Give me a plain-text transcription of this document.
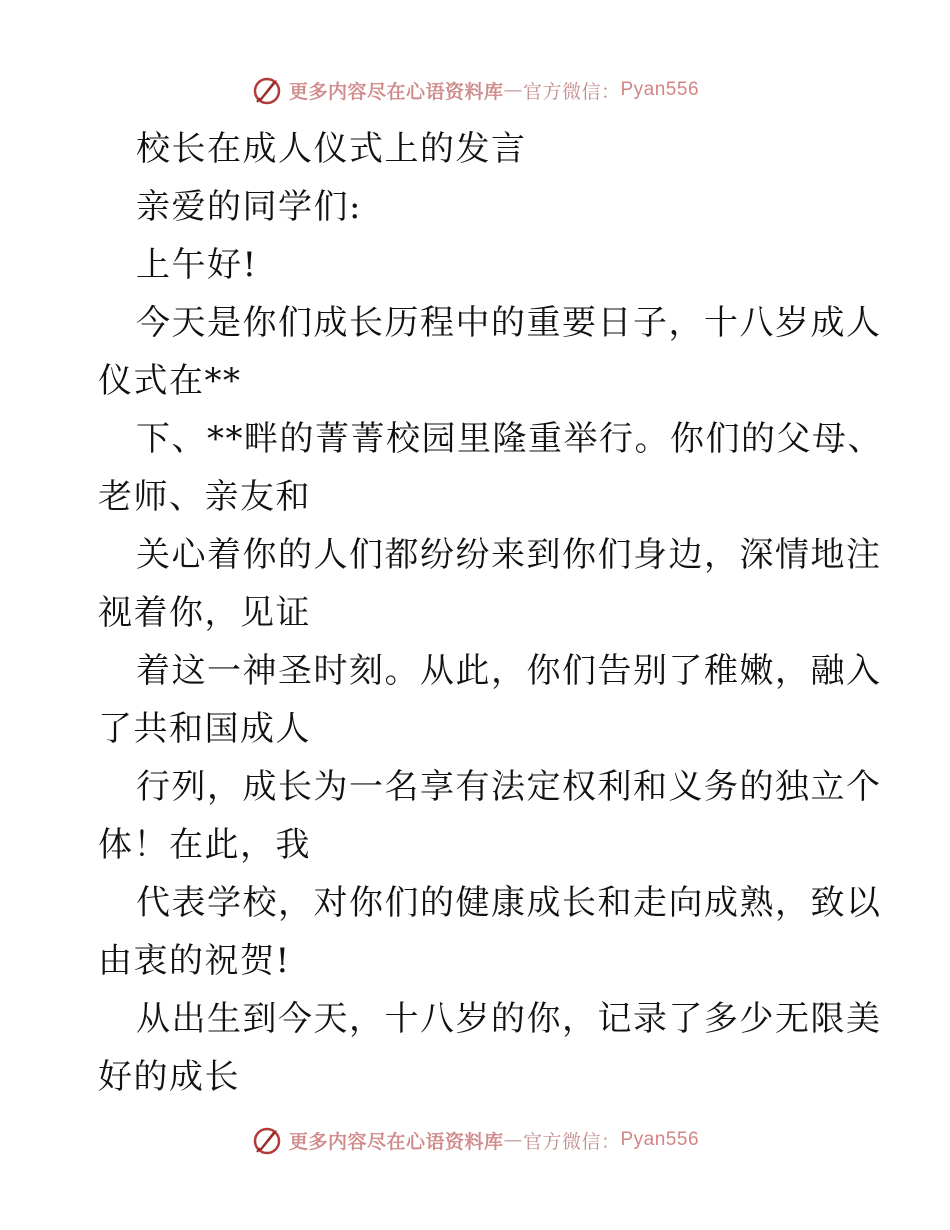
更多内容尽在心语资料库 — 官方微信： Pyan556
校长在成人仪式上的发言
亲爱的同学们:
上午好!
今天是你们成长历程中的重要日子，十八岁成人
仪式在**
下、**畔的菁菁校园里隆重举行。你们的父母、
老师、亲友和
关心着你的人们都纷纷来到你们身边，深情地注
视着你，见证
着这一神圣时刻。从此，你们告别了稚嫩，融入
了共和国成人
行列，成长为一名享有法定权利和义务的独立个
体！在此，我
代表学校，对你们的健康成长和走向成熟，致以
由衷的祝贺!
从出生到今天，十八岁的你，记录了多少无限美
好的成长
更多内容尽在心语资料库 — 官方微信： Pyan556
